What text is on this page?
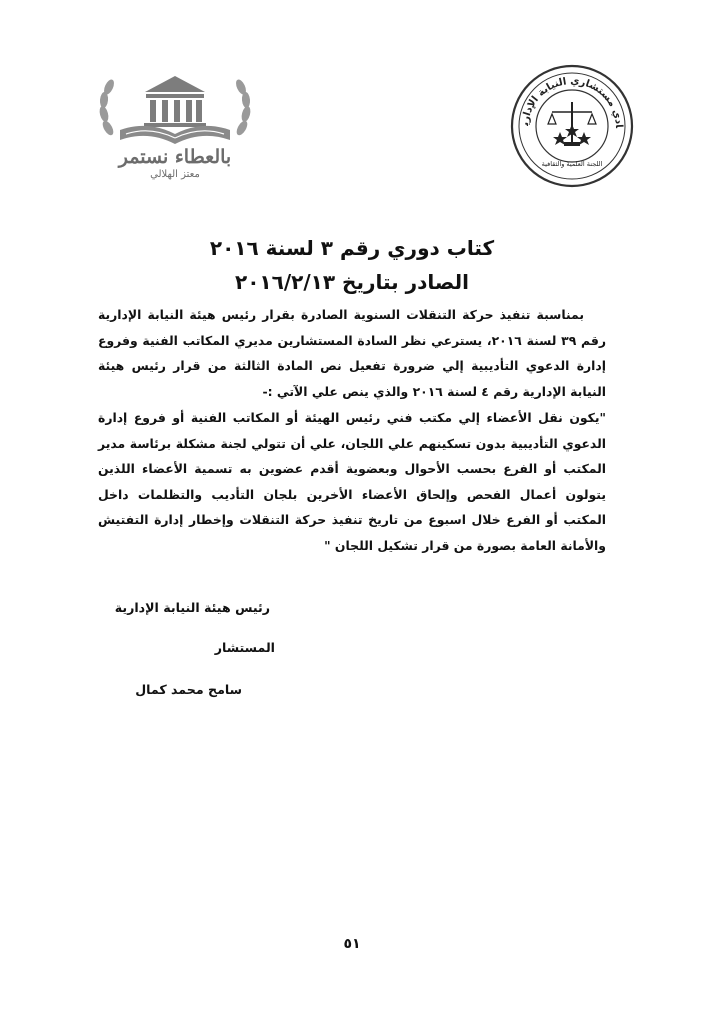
بالعطاء نستمر
معتز الهلالي
ادي مستشاري النيابة الإدارية
اللجنة العلمية والثقافية
كتاب دوري رقم ٣ لسنة ٢٠١٦
الصادر بتاريخ ٢٠١٦/٢/١٣
بمناسبة تنفيذ حركة التنقلات السنوية الصادرة بقرار رئيس هيئة النيابة الإدارية رقم ٣٩ لسنة ٢٠١٦، يسترعي نظر السادة المستشارين مديري المكاتب الفنية وفروع إدارة الدعوي التأديبية إلي ضرورة تفعيل نص المادة الثالثة من قرار رئيس هيئة النيابة الإدارية رقم ٤ لسنة ٢٠١٦ والذي ينص علي الآتي :-
"يكون نقل الأعضاء إلي مكتب فني رئيس الهيئة أو المكاتب الفنية أو فروع إدارة الدعوي التأديبية بدون تسكينهم علي اللجان، علي أن تتولي لجنة مشكلة برئاسة مدير المكتب أو الفرع بحسب الأحوال وبعضوية أقدم عضوين به تسمية الأعضاء اللذين يتولون أعمال الفحص وإلحاق الأعضاء الأخرين بلجان التأديب والتظلمات داخل المكتب أو الفرع خلال اسبوع من تاريخ تنفيذ حركة التنقلات وإخطار إدارة التفتيش والأمانة العامة بصورة من قرار تشكيل اللجان "
رئيس هيئة النيابة الإدارية
المستشار
سامح محمد كمال
٥١
